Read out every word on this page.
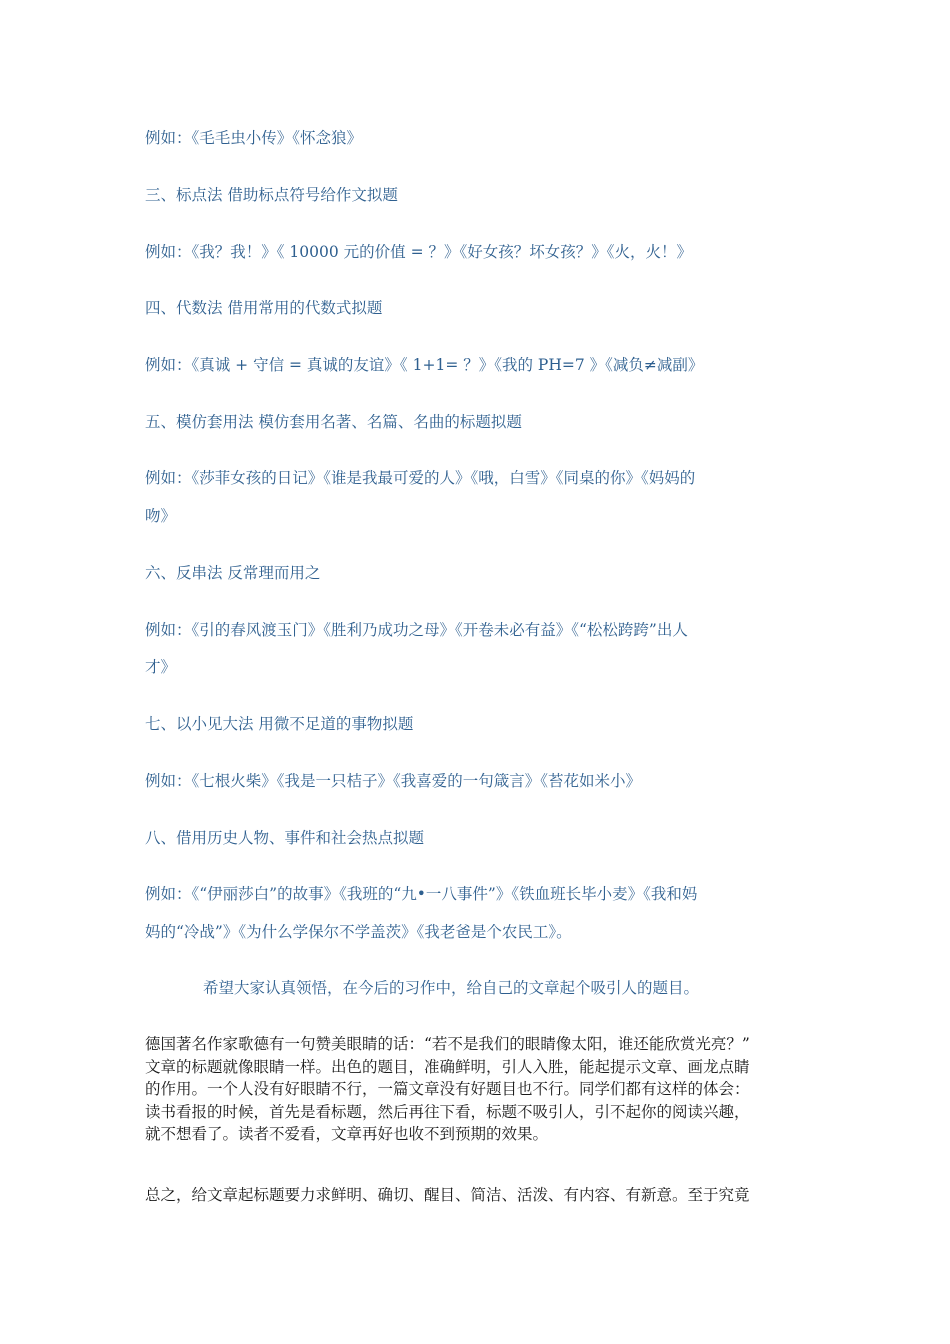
例如：《毛毛虫小传》《怀念狼》
三、标点法 借助标点符号给作文拟题
例如：《我？我！》《 10000 元的价值 = ？》《好女孩？坏女孩？》《火，火！》
四、代数法 借用常用的代数式拟题
例如：《真诚 + 守信 = 真诚的友谊》《 1+1= ？》《我的 PH=7 》《减负≠减副》
五、模仿套用法 模仿套用名著、名篇、名曲的标题拟题
例如：《莎菲女孩的日记》《谁是我最可爱的人》《哦，白雪》《同桌的你》《妈妈的
吻》
六、反串法 反常理而用之
例如：《引的春风渡玉门》《胜利乃成功之母》《开卷未必有益》《“松松跨跨”出人
才》
七、以小见大法 用微不足道的事物拟题
例如：《七根火柴》《我是一只桔子》《我喜爱的一句箴言》《苔花如米小》
八、借用历史人物、事件和社会热点拟题
例如：《“伊丽莎白”的故事》《我班的“九•一八事件”》《铁血班长毕小麦》《我和妈
妈的“冷战”》《为什么学保尔不学盖茨》《我老爸是个农民工》。
希望大家认真领悟，在今后的习作中，给自己的文章起个吸引人的题目。
德国著名作家歌德有一句赞美眼睛的话：“若不是我们的眼睛像太阳，谁还能欣赏光亮？”
文章的标题就像眼睛一样。出色的题目，准确鲜明，引人入胜，能起提示文章、画龙点睛
的作用。一个人没有好眼睛不行，一篇文章没有好题目也不行。同学们都有这样的体会：
读书看报的时候，首先是看标题，然后再往下看，标题不吸引人，引不起你的阅读兴趣，
就不想看了。读者不爱看，文章再好也收不到预期的效果。
总之，给文章起标题要力求鲜明、确切、醒目、简洁、活泼、有内容、有新意。至于究竟
